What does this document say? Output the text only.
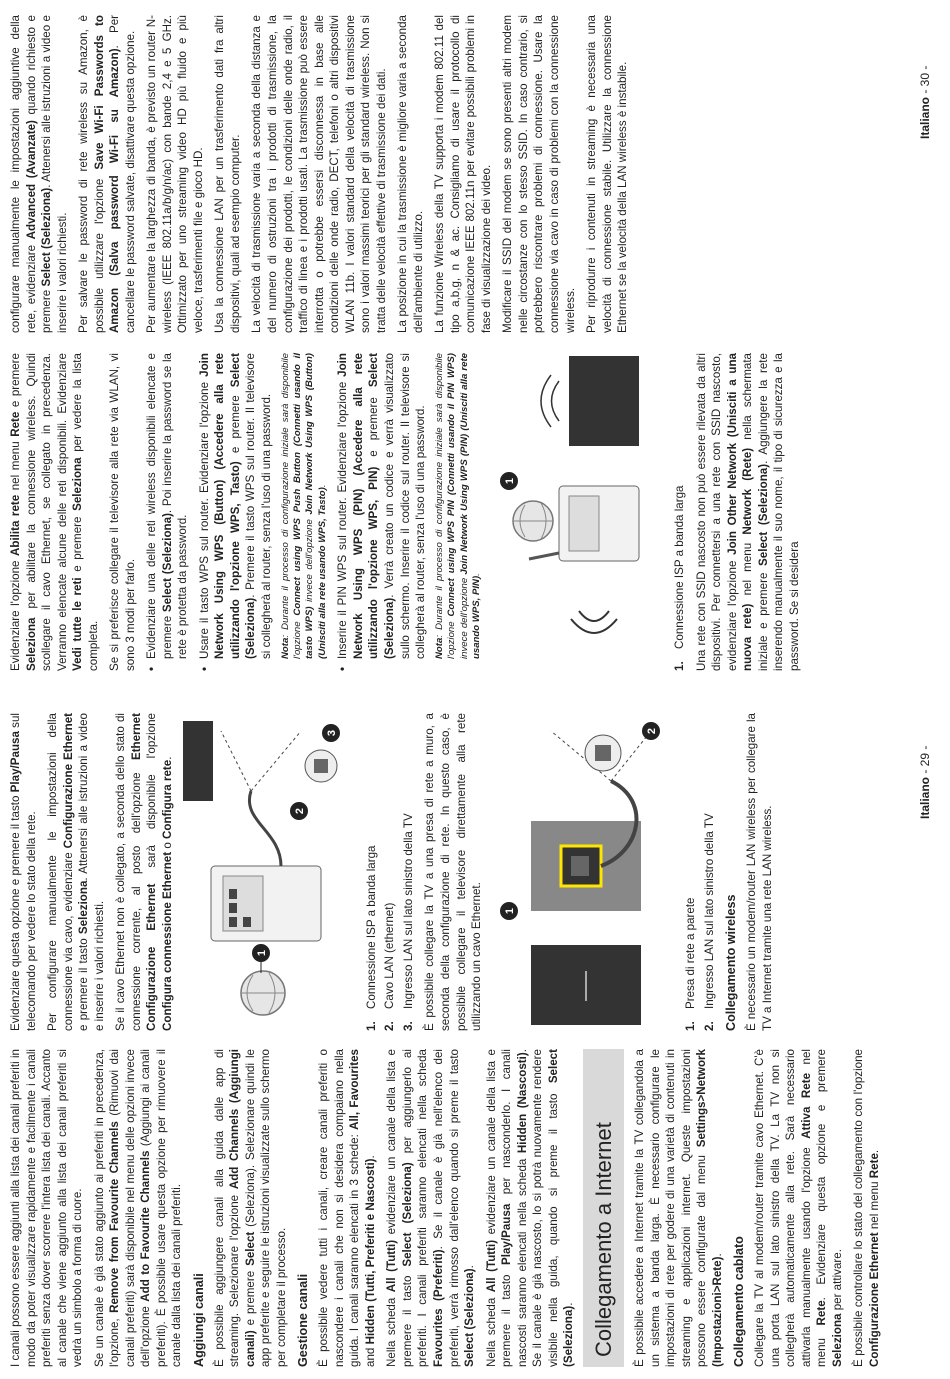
I canali possono essere aggiunti alla lista dei canali preferiti in modo da poter visualizzare rapidamente e facilmente i canali preferiti senza dover scorrere l'intera lista dei canali. Accanto al canale che viene aggiunto alla lista dei canali preferiti si vedrà un simbolo a forma di cuore. Se un canale è già stato aggiunto ai preferiti in precedenza, l'opzione, Remove from Favourite Channels (Rimuovi dai canali preferiti) sarà disponibile nel menu delle opzioni invece dell'opzione Add to Favourite Channels (Aggiungi ai canali preferiti). È possibile usare questa opzione per rimuovere il canale dalla lista dei canali preferiti. Aggiungi canali È possibile aggiungere canali alla guida dalle app di streaming. Selezionare l'opzione Add Channels (Aggiungi canali) e premere Select (Seleziona). Selezionare quindi le app preferite e seguire le istruzioni visualizzate sullo schermo per completare il processo. Gestione canali È possibile vedere tutti i canali, creare canali preferiti o nascondere i canali che non si desidera compaiano nella guida. I canali saranno elencati in 3 schede: All, Favourites and Hidden (Tutti, Preferiti e Nascosti).

Nella scheda All (Tutti) evidenziare un canale della lista e premere il tasto Select (Seleziona) per aggiungerlo ai preferiti. I canali preferiti saranno elencati nella scheda Favourites (Preferiti). Se il canale è già nell'elenco dei preferiti, verrà rimosso dall'elenco quando si preme il tasto Select (Seleziona).

Nella scheda All (Tutti) evidenziare un canale della lista e premere il tasto Play/Pausa per nasconderlo. I canali nascosti saranno elencati nella scheda Hidden (Nascosti). Se il canale è già nascosto, lo si potrà nuovamente rendere visibile nella guida, quando si preme il tasto Select (Seleziona). Collegamento a Internet	È possibile accedere a Internet tramite la TV collegandola a un sistema a banda larga. È necessario configurare le impostazioni di rete per godere di una varietà di contenuti in streaming e applicazioni internet. Queste impostazioni possono essere configurate dal menu Settings>Network (Impostazioni>Rete). Collegamento cablato Collegare la TV al modem/router tramite cavo Ethernet. C'è una porta LAN sul lato sinistro della TV. La TV non si collegherà automaticamente alla rete. Sarà necessario attivarla manualmente usando l'opzione Attiva Rete nel menu Rete. Evidenziare questa opzione e premere Seleziona per attivare. È possibile controllare lo stato del collegamento con l'opzione Configurazione Ethernet nel menu Rete.

Evidenziare questa opzione e premere il tasto Play/Pausa sul telecomando per vedere lo stato della rete. Per configurare manualmente le impostazioni della connessione via cavo, evidenziare Configurazione Ethernet e premere il tasto Seleziona. Attenersi alle istruzioni a video e inserire i valori richiesti. Se il cavo Ethernet non è collegato, a seconda dello stato di connessione corrente, al posto dell'opzione Ethernet Configurazione Ethernet sarà disponibile l'opzione Configura connessione Ethernet o Configura rete.

1
2
3
1.Connessione ISP a banda larga
2.Cavo LAN (ethernet)
3.Ingresso LAN sul lato sinistro della TV È possibile collegare la TV a una presa di rete a muro, a seconda della configurazione di rete. In questo caso, è possibile collegare il televisore direttamente alla rete utilizzando un cavo Ethernet. 1
2
1.Presa di rete a parete
2.Ingresso LAN sul lato sinistro della TV Collegamento wireless È necessario un modem/router LAN wireless per collegare la TV a Internet tramite una rete LAN wireless.

Italiano - 29 -

Evidenziare l'opzione Abilita rete nel menu Rete e premere Seleziona per abilitare la connessione wireless. Quindi scollegare il cavo Ethernet, se collegato in precedenza. Verranno elencate alcune delle reti disponibili. Evidenziare Vedi tutte le reti e premere Seleziona per vedere la lista completa. Se si preferisce collegare il televisore alla rete via WLAN, vi sono 3 modi per farlo. • Evidenziare una delle reti wireless disponibili elencate e premere Select (Seleziona). Poi inserire la password se la rete è protetta da password. • Usare il tasto WPS sul router. Evidenziare l'opzione Join Network Using WPS (Button) (Accedere alla rete utilizzando l'opzione WPS, Tasto) e premere Select (Seleziona). Premere il tasto WPS sul router. Il televisore si collegherà al router, senza l'uso di una password. Nota: Durante il processo di configurazione iniziale sarà disponibile l'opzione Connect using WPS Push Button (Connetti usando il tasto WPS) invece dell'opzione Join Network Using WPS (Button) (Unisciti alla rete usando WPS, Tasto). • Inserire il PIN WPS sul router. Evidenziare l'opzione Join Network Using WPS (PIN) (Accedere alla rete utilizzando l'opzione WPS, PIN) e premere Select (Seleziona). Verrà creato un codice e verrà visualizzato sullo schermo. Inserire il codice sul router. Il televisore si collegherà al router, senza l'uso di una password. Nota: Durante il processo di configurazione iniziale sarà disponibile l'opzione Connect using WPS PIN (Connetti usando il PIN WPS) invece dell'opzione Join Network Using WPS (PIN) (Unisciti alla rete usando WPS, PIN).
1
1.Connessione ISP a banda larga Una rete con SSID nascosto non può essere rilevata da altri dispositivi. Per connettersi a una rete con SSID nascosto, evidenziare l'opzione Join Other Network (Unisciti a una nuova rete) nel menu Network (Rete) nella schermata iniziale e premere Select (Seleziona). Aggiungere la rete inserendo manualmente il suo nome, il tipo di sicurezza e la password. Se si desidera

configurare manualmente le impostazioni aggiuntive della rete, evidenziare Advanced (Avanzate) quando richiesto e premere Select (Seleziona). Attenersi alle istruzioni a video e inserire i valori richiesti. Per salvare le password di rete wireless su Amazon, è possibile utilizzare l'opzione Save Wi-Fi Passwords to Amazon (Salva password Wi-Fi su Amazon). Per cancellare le password salvate, disattivare questa opzione. Per aumentare la larghezza di banda, è previsto un router N-wireless (IEEE 802.11a/b/g/n/ac) con bande 2,4 e 5 GHz. Ottimizzato per uno streaming video HD più fluido e più veloce, trasferimenti file e gioco HD. Usa la connessione LAN per un trasferimento dati fra altri dispositivi, quali ad esempio computer. La velocità di trasmissione varia a seconda della distanza e del numero di ostruzioni tra i prodotti di trasmissione, la configurazione dei prodotti, le condizioni delle onde radio, il traffico di linea e i prodotti usati. La trasmissione può essere interrotta o potrebbe essersi disconnessa in base alle condizioni delle onde radio, DECT, telefoni o altri dispositivi WLAN 11b. I valori standard della velocità di trasmissione sono i valori massimi teorici per gli standard wireless. Non si tratta delle velocità effettive di trasmissione dei dati. La posizione in cui la trasmissione è migliore varia a seconda dell'ambiente di utilizzo. La funzione Wireless della TV supporta i modem 802.11 del tipo a,b,g, n & ac. Consigliamo di usare il protocollo di comunicazione IEEE 802.11n per evitare possibili problemi in fase di visualizzazione dei video. Modificare il SSID del modem se sono presenti altri modem nelle circostanze con lo stesso SSID. In caso contrario, si potrebbero riscontrare problemi di connessione. Usare la connessione via cavo in caso di problemi con la connessione wireless. Per riprodurre i contenuti in streaming è necessaria una velocità di connessione stabile. Utilizzare la connessione Ethernet se la velocità della LAN wireless è instabile.	Italiano - 30 -
